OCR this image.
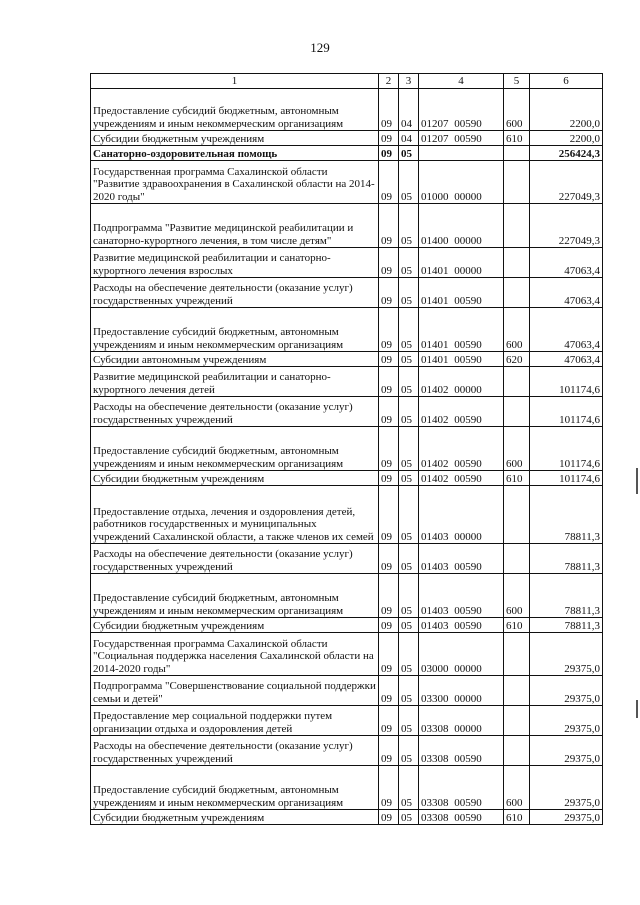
129
1	2	3	4	5	6
Предоставление субсидий бюджетным, автономным учреждениям и иным некоммерческим организациям	09	04	01207 00590	600	2200,0
Субсидии бюджетным учреждениям	09	04	01207 00590	610	2200,0
Санаторно-оздоровительная помощь	09	05			256424,3
Государственная программа Сахалинской области "Развитие здравоохранения в Сахалинской области на 2014-2020 годы"	09	05	01000 00000		227049,3
Подпрограмма "Развитие медицинской реабилитации и санаторно-курортного лечения, в том числе детям"	09	05	01400 00000		227049,3
Развитие медицинской реабилитации и санаторно-курортного лечения взрослых	09	05	01401 00000		47063,4
Расходы на обеспечение деятельности (оказание услуг) государственных учреждений	09	05	01401 00590		47063,4
Предоставление субсидий бюджетным, автономным учреждениям и иным некоммерческим организациям	09	05	01401 00590	600	47063,4
Субсидии автономным учреждениям	09	05	01401 00590	620	47063,4
Развитие медицинской реабилитации и санаторно-курортного лечения детей	09	05	01402 00000		101174,6
Расходы на обеспечение деятельности (оказание услуг) государственных учреждений	09	05	01402 00590		101174,6
Предоставление субсидий бюджетным, автономным учреждениям и иным некоммерческим организациям	09	05	01402 00590	600	101174,6
Субсидии бюджетным учреждениям	09	05	01402 00590	610	101174,6
Предоставление отдыха, лечения и оздоровления детей, работников государственных и муниципальных учреждений Сахалинской области, а также членов их семей	09	05	01403 00000		78811,3
Расходы на обеспечение деятельности (оказание услуг) государственных учреждений	09	05	01403 00590		78811,3
Предоставление субсидий бюджетным, автономным учреждениям и иным некоммерческим организациям	09	05	01403 00590	600	78811,3
Субсидии бюджетным учреждениям	09	05	01403 00590	610	78811,3
Государственная программа Сахалинской области "Социальная поддержка населения Сахалинской области на 2014-2020 годы"	09	05	03000 00000		29375,0
Подпрограмма "Совершенствование социальной поддержки семьи и детей"	09	05	03300 00000		29375,0
Предоставление мер социальной поддержки путем организации отдыха и оздоровления детей	09	05	03308 00000		29375,0
Расходы на обеспечение деятельности (оказание услуг) государственных учреждений	09	05	03308 00590		29375,0
Предоставление субсидий бюджетным, автономным учреждениям и иным некоммерческим организациям	09	05	03308 00590	600	29375,0
Субсидии бюджетным учреждениям	09	05	03308 00590	610	29375,0
